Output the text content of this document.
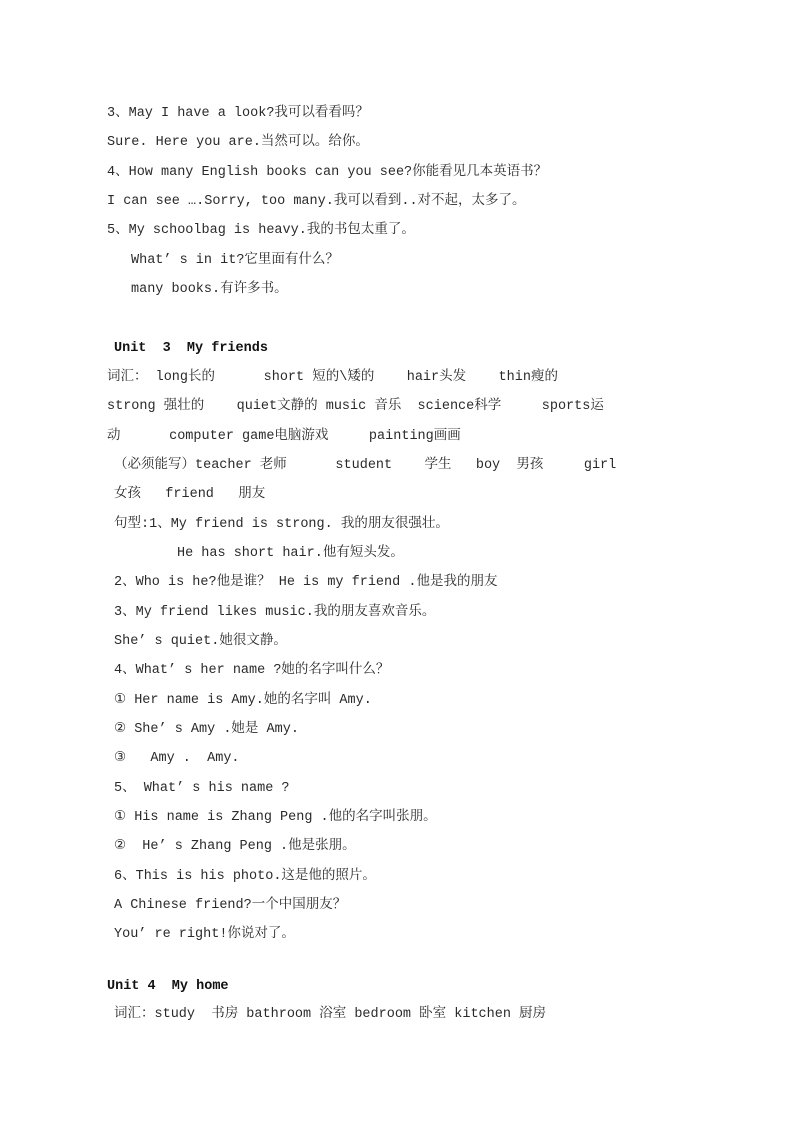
3、May I have a look?我可以看看吗？
Sure. Here you are.当然可以。给你。
4、How many English books can you see?你能看见几本英语书？
I can see ….Sorry, too many.我可以看到..对不起，太多了。
5、My schoolbag is heavy.我的书包太重了。
What’ s in it?它里面有什么？
many books.有许多书。
Unit  3  My friends
词汇： long长的      short 短的\矮的    hair头发    thin瘦的
strong 强壮的    quiet文静的 music 音乐  science科学     sports运
动      computer game电脑游戏     painting画画
（必须能写）teacher 老师      student    学生   boy  男孩     girl
女孩   friend   朋友
句型:1、My friend is strong. 我的朋友很强壮。
He has short hair.他有短头发。
2、Who is he?他是谁？ He is my friend .他是我的朋友
3、My friend likes music.我的朋友喜欢音乐。
She’ s quiet.她很文静。
4、What’ s her name ?她的名字叫什么？
① Her name is Amy.她的名字叫 Amy.
② She’ s Amy .她是 Amy.
③   Amy .  Amy.
5、 What’ s his name ?
① His name is Zhang Peng .他的名字叫张朋。
②  He’ s Zhang Peng .他是张朋。
6、This is his photo.这是他的照片。
A Chinese friend?一个中国朋友？
You’ re right!你说对了。
Unit 4  My home
词汇：study  书房 bathroom 浴室 bedroom 卧室 kitchen 厨房
